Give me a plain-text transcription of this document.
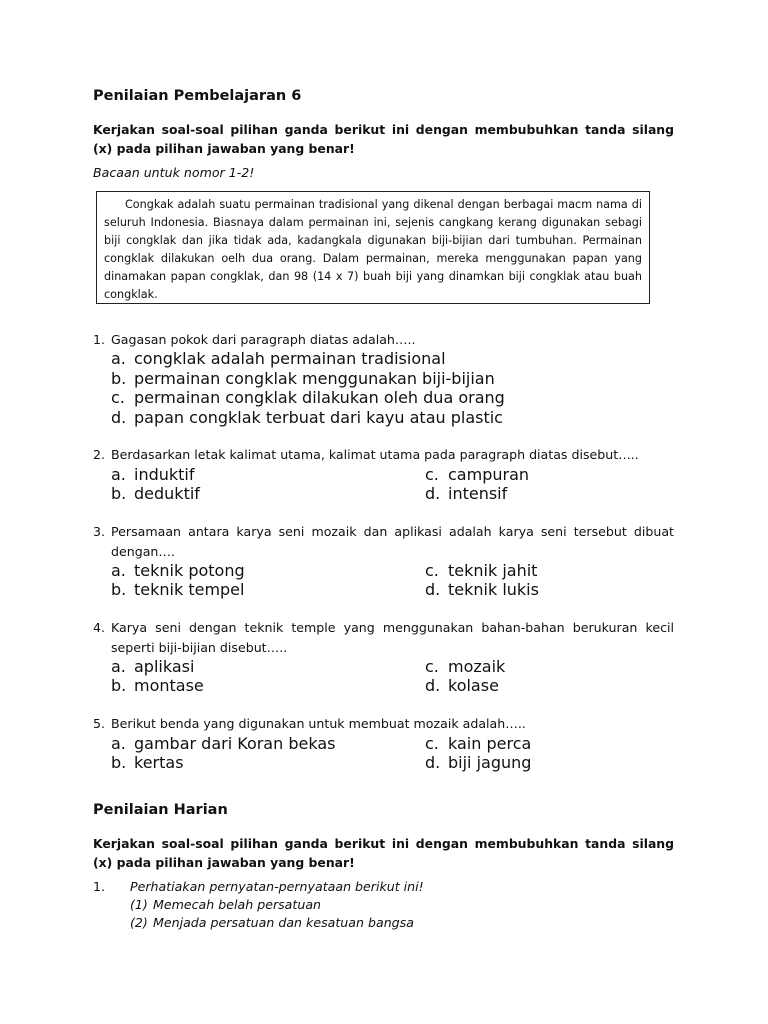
Penilaian Pembelajaran 6
Kerjakan soal-soal pilihan ganda berikut ini dengan membubuhkan tanda silang (x) pada pilihan jawaban yang benar!
Bacaan untuk nomor 1-2!
Congkak adalah suatu permainan tradisional yang dikenal dengan berbagai macm nama di seluruh Indonesia. Biasnaya dalam permainan ini, sejenis cangkang kerang digunakan sebagi biji congklak dan jika tidak ada, kadangkala digunakan biji-bijian dari tumbuhan. Permainan congklak dilakukan oelh dua orang. Dalam permainan, mereka menggunakan papan yang dinamakan papan congklak, dan 98 (14 x 7) buah biji yang dinamkan biji congklak atau buah congklak.
1. Gagasan pokok dari paragraph diatas adalah…..
a. congklak adalah permainan tradisional
b. permainan congklak menggunakan biji-bijian
c. permainan congklak dilakukan oleh dua orang
d. papan congklak terbuat dari kayu atau plastic
2. Berdasarkan letak kalimat utama, kalimat utama pada paragraph diatas disebut…..
a. induktif
b. deduktif
c. campuran
d. intensif
3. Persamaan antara karya seni mozaik dan aplikasi adalah karya seni tersebut dibuat dengan….
a. teknik potong
b. teknik tempel
c. teknik jahit
d. teknik lukis
4. Karya seni dengan teknik temple yang menggunakan bahan-bahan berukuran kecil seperti biji-bijian disebut…..
a. aplikasi
b. montase
c. mozaik
d. kolase
5. Berikut benda yang digunakan untuk membuat mozaik adalah…..
a. gambar dari Koran bekas
b. kertas
c. kain perca
d. biji jagung
Penilaian Harian
Kerjakan soal-soal pilihan ganda berikut ini dengan membubuhkan tanda silang (x) pada pilihan jawaban yang benar!
1. Perhatiakan pernyatan-pernyataan berikut ini!
(1) Memecah belah persatuan
(2) Menjada persatuan dan kesatuan bangsa
